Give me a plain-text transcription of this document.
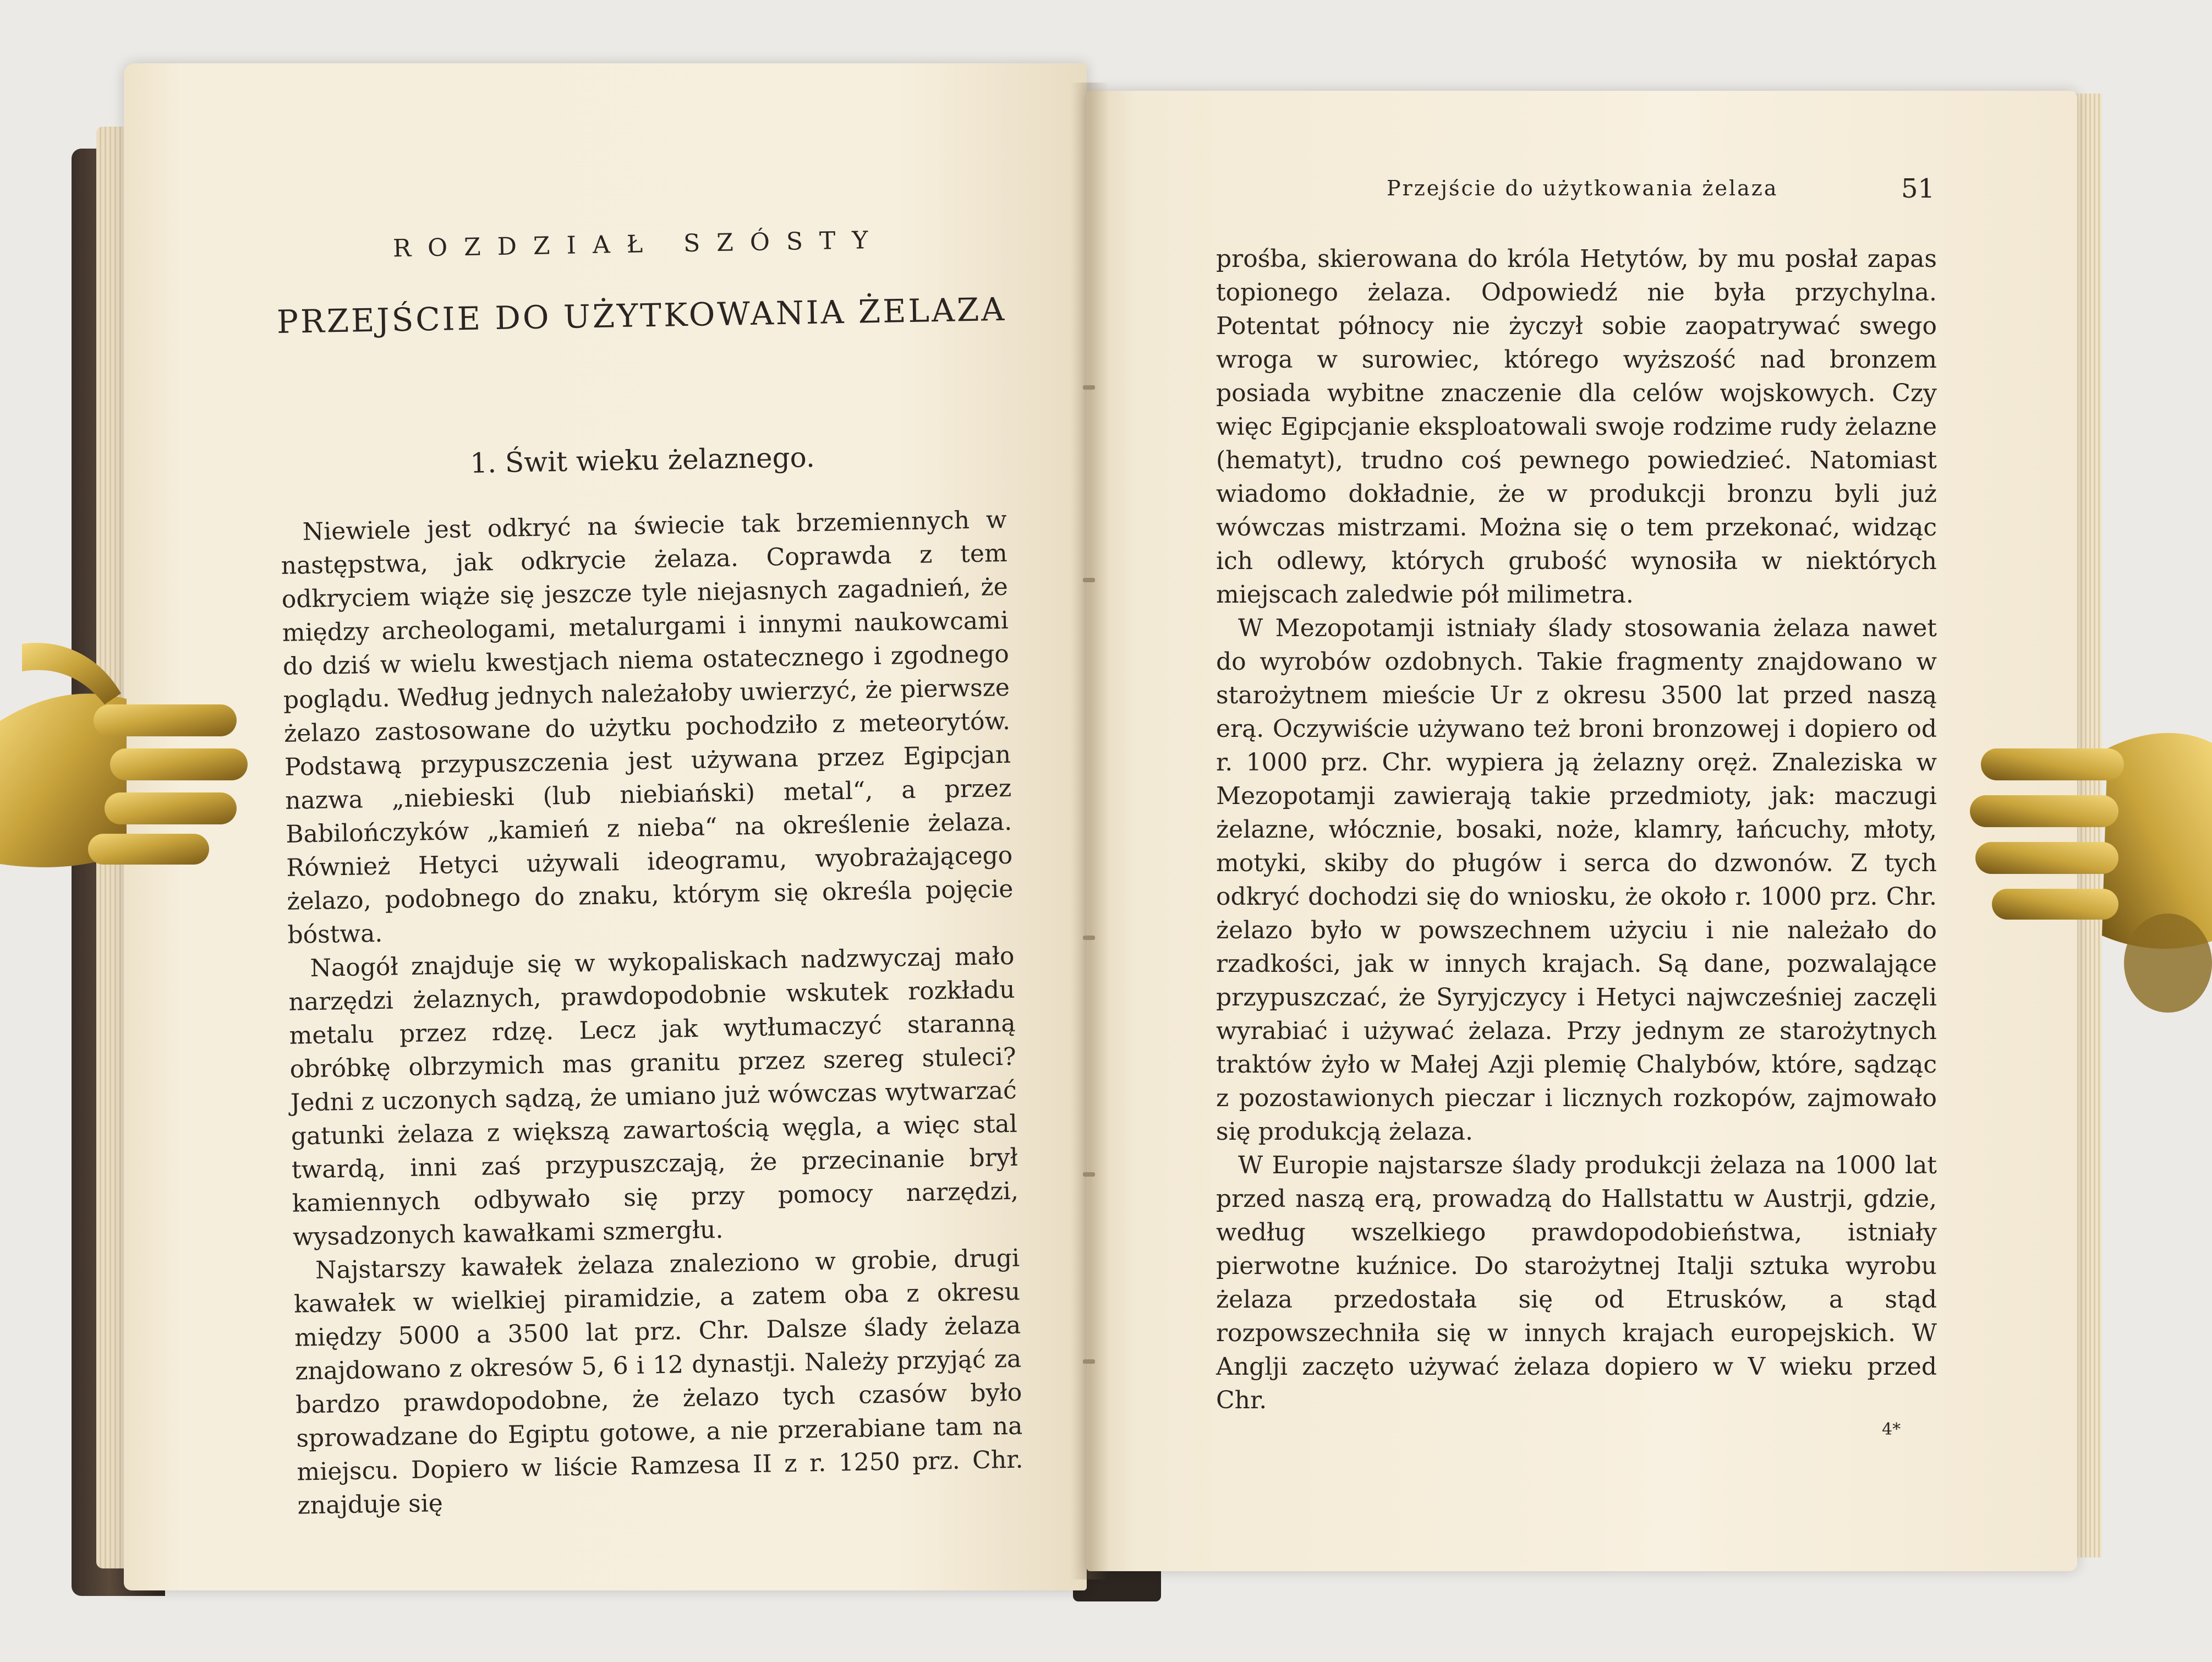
ROZDZIAŁ SZÓSTY
PRZEJŚCIE DO UŻYTKOWANIA ŻELAZA
1. Świt wieku żelaznego.

Niewiele jest odkryć na świecie tak brzemiennych w następstwa, jak odkrycie żelaza. Coprawda z tem odkryciem wiąże się jeszcze tyle niejasnych zagadnień, że między archeologami, metalurgami i innymi naukowcami do dziś w wielu kwestjach niema ostatecznego i zgodnego poglądu. Według jednych należałoby uwierzyć, że pierwsze żelazo zastosowane do użytku pochodziło z meteorytów. Podstawą przypuszczenia jest używana przez Egipcjan nazwa „niebieski (lub niebiański) metal“, a przez Babilończyków „kamień z nieba“ na określenie żelaza. Również Hetyci używali ideogramu, wyobrażającego żelazo, podobnego do znaku, którym się określa pojęcie bóstwa.

Naogół znajduje się w wykopaliskach nadzwyczaj mało narzędzi żelaznych, prawdopodobnie wskutek rozkładu metalu przez rdzę. Lecz jak wytłumaczyć staranną obróbkę olbrzymich mas granitu przez szereg stuleci? Jedni z uczonych sądzą, że umiano już wówczas wytwarzać gatunki żelaza z większą zawartością węgla, a więc stal twardą, inni zaś przypuszczają, że przecinanie brył kamiennych odbywało się przy pomocy narzędzi, wysadzonych kawałkami szmergłu.

Najstarszy kawałek żelaza znaleziono w grobie, drugi kawałek w wielkiej piramidzie, a zatem oba z okresu między 5000 a 3500 lat prz. Chr. Dalsze ślady żelaza znajdowano z okresów 5, 6 i 12 dynastji. Należy przyjąć za bardzo prawdopodobne, że żelazo tych czasów było sprowadzane do Egiptu gotowe, a nie przerabiane tam na miejscu. Dopiero w liście Ramzesa II z r. 1250 prz. Chr. znajduje się

Przejście do użytkowania żelaza	51

prośba, skierowana do króla Hetytów, by mu posłał zapas topionego żelaza. Odpowiedź nie była przychylna. Potentat północy nie życzył sobie zaopatrywać swego wroga w surowiec, którego wyższość nad bronzem posiada wybitne znaczenie dla celów wojskowych. Czy więc Egipcjanie eksploatowali swoje rodzime rudy żelazne (hematyt), trudno coś pewnego powiedzieć. Natomiast wiadomo dokładnie, że w produkcji bronzu byli już wówczas mistrzami. Można się o tem przekonać, widząc ich odlewy, których grubość wynosiła w niektórych miejscach zaledwie pół milimetra.

W Mezopotamji istniały ślady stosowania żelaza nawet do wyrobów ozdobnych. Takie fragmenty znajdowano w starożytnem mieście Ur z okresu 3500 lat przed naszą erą. Oczywiście używano też broni bronzowej i dopiero od r. 1000 prz. Chr. wypiera ją żelazny oręż. Znaleziska w Mezopotamji zawierają takie przedmioty, jak: maczugi żelazne, włócznie, bosaki, noże, klamry, łańcuchy, młoty, motyki, skiby do pługów i serca do dzwonów. Z tych odkryć dochodzi się do wniosku, że około r. 1000 prz. Chr. żelazo było w powszechnem użyciu i nie należało do rzadkości, jak w innych krajach. Są dane, pozwalające przypuszczać, że Syryjczycy i Hetyci najwcześniej zaczęli wyrabiać i używać żelaza. Przy jednym ze starożytnych traktów żyło w Małej Azji plemię Chalybów, które, sądząc z pozostawionych pieczar i licznych rozkopów, zajmowało się produkcją żelaza.

W Europie najstarsze ślady produkcji żelaza na 1000 lat przed naszą erą, prowadzą do Hallstattu w Austrji, gdzie, według wszelkiego prawdopodobieństwa, istniały pierwotne kuźnice. Do starożytnej Italji sztuka wyrobu żelaza przedostała się od Etrusków, a stąd rozpowszechniła się w innych krajach europejskich. W Anglji zaczęto używać żelaza dopiero w V wieku przed Chr.

4*
